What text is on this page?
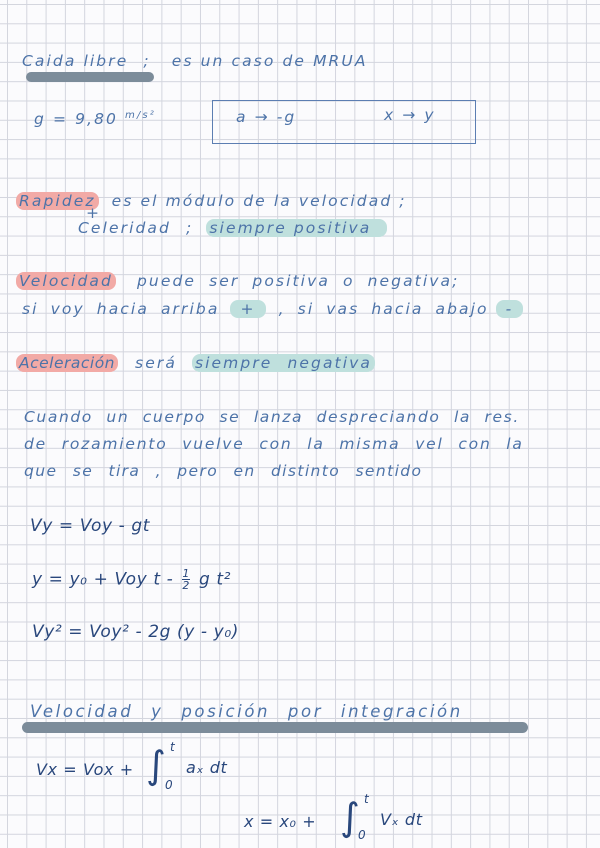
Caida libre ; es un caso de MRUA
g = 9,80 $^{m/s^2}$	a → -g	x → y
Rapidez es el módulo de la velocidad ;
+
Celeridad ; siempre positiva
Velocidad puede ser positiva o negativa;
si voy hacia arriba + , si vas hacia abajo -
Aceleración será siempre negativa
Cuando un cuerpo se lanza despreciando la res.
de rozamiento vuelve con la misma vel con la
que se tira , pero en distinto sentido
Vy = Voy - gt
y = y₀ + Voy t - $\frac{1}{2}$ g t²
Vy² = Voy² - 2g (y - y₀)
Velocidad y posición por integración
Vx = Vox + ∫ t
0
aₓ dt
x = x₀ + ∫ t
0
Vₓ dt
